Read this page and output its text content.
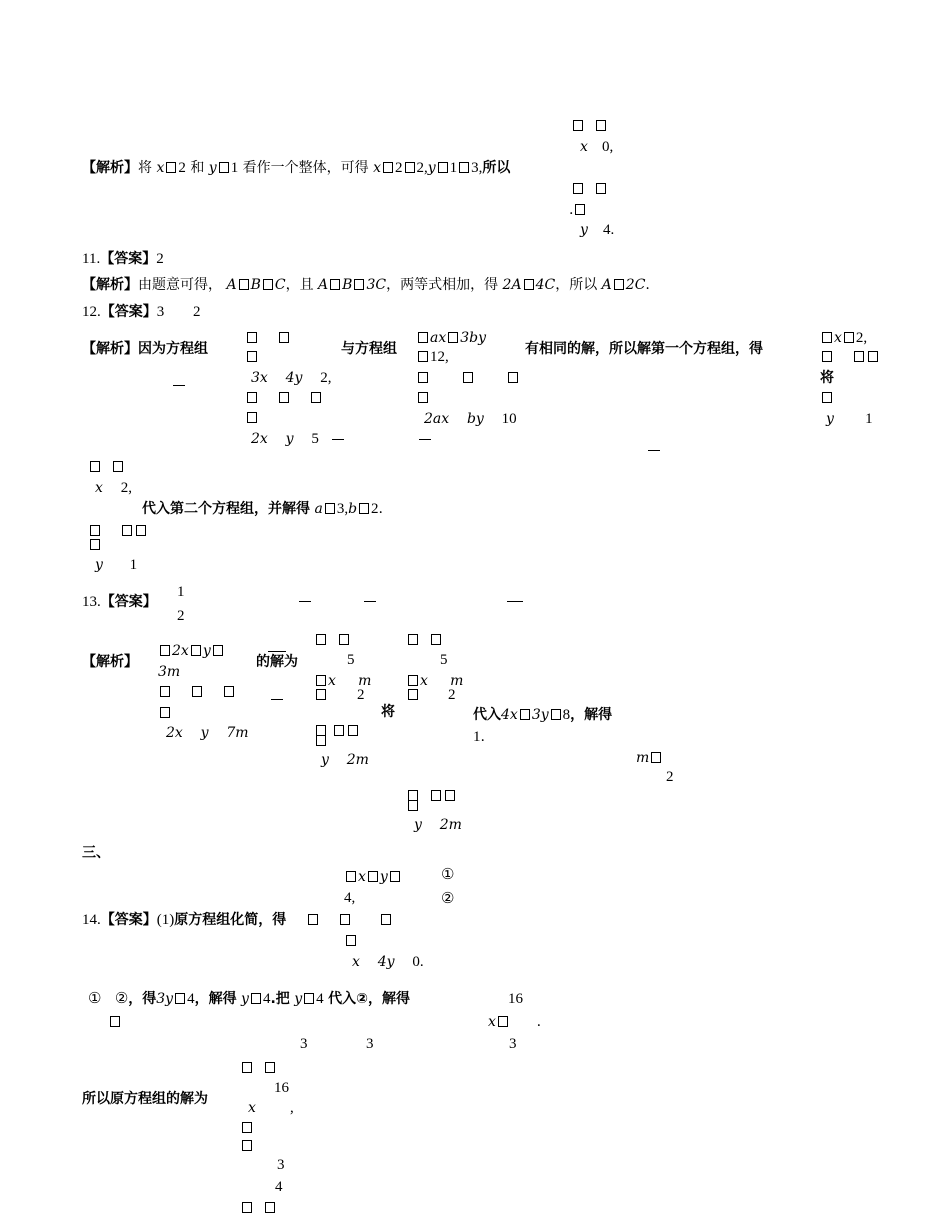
x 0,
【解析】将 x 2 和 y 1 看作一个整体，可得 x 2 2,y 1 3,所以

.
y 4.
11.【答案】2
【解析】由题意可得， A B C，且 A B 3C，两等式相加，得 2A 4C，所以 A 2C.
12.【答案】3 2
【解析】因为方程组

3x 4y 2,

2x y 5
与方程组
ax 3by
12,

2ax by 10
有相同的解，所以解第一个方程组，得
x 2,

将
y 1

x 2,
代入第二个方程组，并解得 a 3,b 2.

y 1
1
13.【答案】
2
【解析】
2x y
3m

2x y 7m
的解为
	5
x m
2
将

y 2m

5
x m
2
代入4x 3y 8，解得
1.
m
2

y 2m
三、
x y	①
4,	②
14.【答案】(1)原方程组化简，得

x 4y 0.
① ②，得3y 4，解得 y 4.把 y 4 代入②，解得	16
x	.
3	3	3

16
所以原方程组的解为
x ,
3
4
